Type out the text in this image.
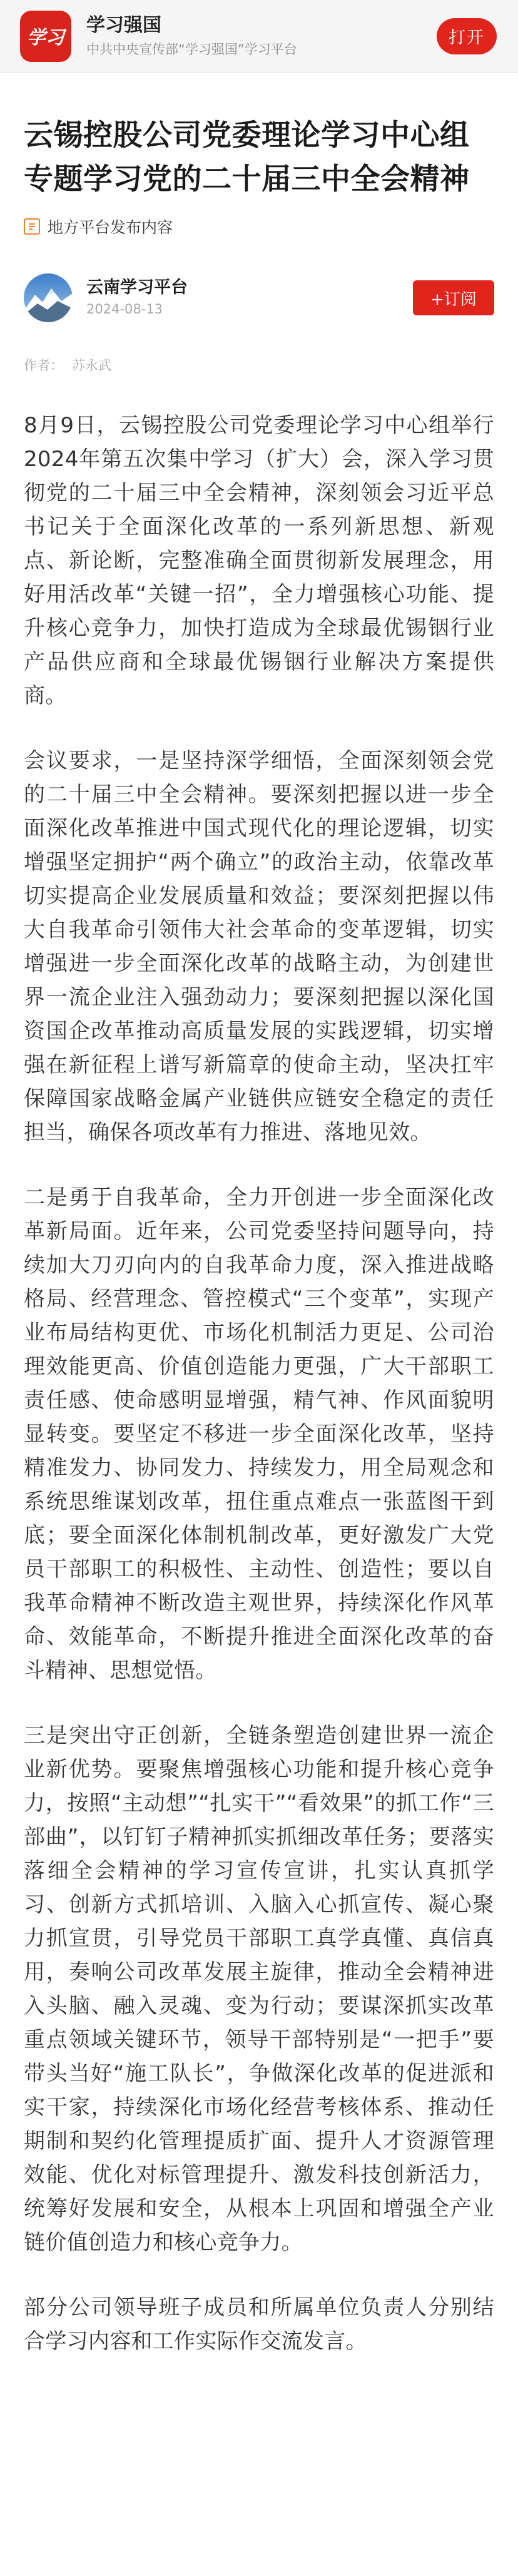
学习
学习强国
中共中央宣传部“学习强国”学习平台
打开
云锡控股公司党委理论学习中心组专题学习党的二十届三中全会精神
地方平台发布内容
云南学习平台
2024-08-13
+订阅
作者： 苏永武

8月9日，云锡控股公司党委理论学习中心组举行2024年第五次集中学习（扩大）会，深入学习贯彻党的二十届三中全会精神，深刻领会习近平总书记关于全面深化改革的一系列新思想、新观点、新论断，完整准确全面贯彻新发展理念，用好用活改革“关键一招”，全力增强核心功能、提升核心竞争力，加快打造成为全球最优锡铟行业产品供应商和全球最优锡铟行业解决方案提供商。

会议要求，一是坚持深学细悟，全面深刻领会党的二十届三中全会精神。要深刻把握以进一步全面深化改革推进中国式现代化的理论逻辑，切实增强坚定拥护“两个确立”的政治主动，依靠改革切实提高企业发展质量和效益；要深刻把握以伟大自我革命引领伟大社会革命的变革逻辑，切实增强进一步全面深化改革的战略主动，为创建世界一流企业注入强劲动力；要深刻把握以深化国资国企改革推动高质量发展的实践逻辑，切实增强在新征程上谱写新篇章的使命主动，坚决扛牢保障国家战略金属产业链供应链安全稳定的责任担当，确保各项改革有力推进、落地见效。

二是勇于自我革命，全力开创进一步全面深化改革新局面。近年来，公司党委坚持问题导向，持续加大刀刃向内的自我革命力度，深入推进战略格局、经营理念、管控模式“三个变革”，实现产业布局结构更优、市场化机制活力更足、公司治理效能更高、价值创造能力更强，广大干部职工责任感、使命感明显增强，精气神、作风面貌明显转变。要坚定不移进一步全面深化改革，坚持精准发力、协同发力、持续发力，用全局观念和系统思维谋划改革，扭住重点难点一张蓝图干到底；要全面深化体制机制改革，更好激发广大党员干部职工的积极性、主动性、创造性；要以自我革命精神不断改造主观世界，持续深化作风革命、效能革命，不断提升推进全面深化改革的奋斗精神、思想觉悟。

三是突出守正创新，全链条塑造创建世界一流企业新优势。要聚焦增强核心功能和提升核心竞争力，按照“主动想”“扎实干”“看效果”的抓工作“三部曲”，以钉钉子精神抓实抓细改革任务；要落实落细全会精神的学习宣传宣讲，扎实认真抓学习、创新方式抓培训、入脑入心抓宣传、凝心聚力抓宣贯，引导党员干部职工真学真懂、真信真用，奏响公司改革发展主旋律，推动全会精神进入头脑、融入灵魂、变为行动；要谋深抓实改革重点领域关键环节，领导干部特别是“一把手”要带头当好“施工队长”，争做深化改革的促进派和实干家，持续深化市场化经营考核体系、推动任期制和契约化管理提质扩面、提升人才资源管理效能、优化对标管理提升、激发科技创新活力，统筹好发展和安全，从根本上巩固和增强全产业链价值创造力和核心竞争力。

部分公司领导班子成员和所属单位负责人分别结合学习内容和工作实际作交流发言。
